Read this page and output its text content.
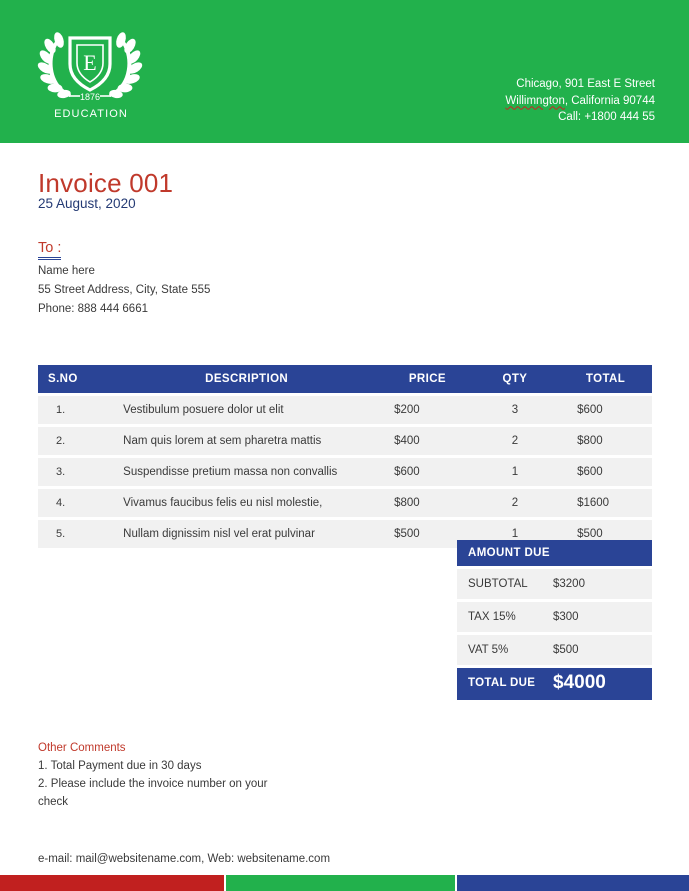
E
1876
EDUCATION
Chicago, 901 East E Street
Willimngton, California 90744
Call: +1800 444 55
Invoice 001
25 August, 2020
To :
Name here
55 Street Address, City, State 555
Phone: 888 444 6661
S.NO	DESCRIPTION	PRICE	QTY	TOTAL
1.	Vestibulum posuere dolor ut elit	$200	3	$600
2.	Nam quis lorem at sem pharetra mattis	$400	2	$800
3.	Suspendisse pretium massa non convallis	$600	1	$600
4.	Vivamus faucibus felis eu nisl molestie,	$800	2	$1600
5.	Nullam dignissim nisl vel erat pulvinar	$500	1	$500
AMOUNT DUE
SUBTOTAL	$3200
TAX 15%	$300
VAT 5%	$500
TOTAL DUE $4000
Other Comments
1. Total Payment due in 30 days
2. Please include the invoice number on your
check
e-mail: mail@websitename.com, Web: websitename.com
